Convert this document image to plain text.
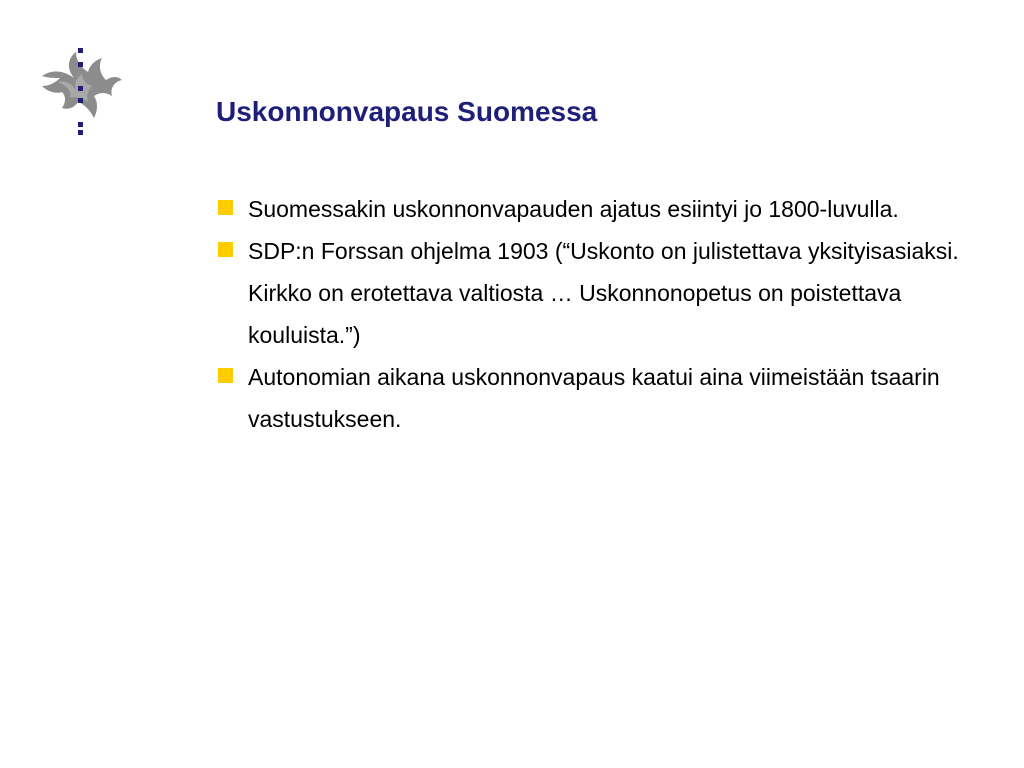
Uskonnonvapaus Suomessa
Suomessakin uskonnonvapauden ajatus esiintyi jo 1800-luvulla.
SDP:n Forssan ohjelma 1903 (“Uskonto on julistettava yksityisasiaksi. Kirkko on erotettava valtiosta … Uskonnonopetus on poistettava kouluista.”)
Autonomian aikana uskonnonvapaus kaatui aina viimeistään tsaarin vastustukseen.
